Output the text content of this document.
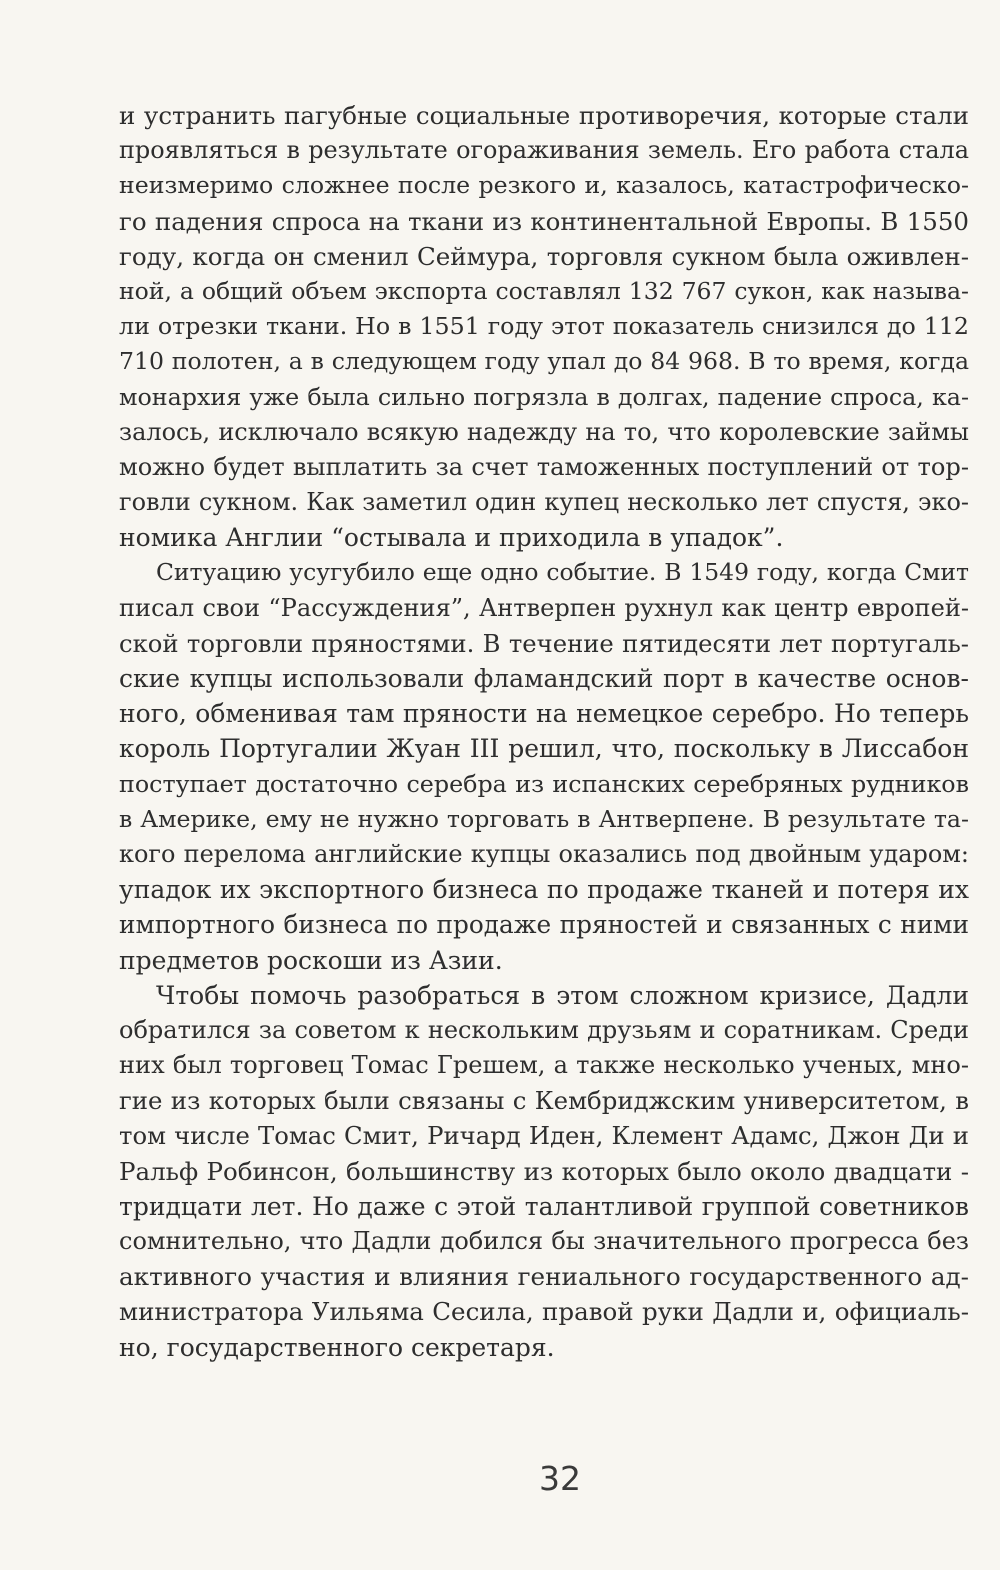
и устранить пагубные социальные противоречия, которые стали
проявляться в результате огораживания земель. Его работа стала
неизмеримо сложнее после резкого и, казалось, катастрофическо-
го падения спроса на ткани из континентальной Европы. В 1550
году, когда он сменил Сеймура, торговля сукном была оживлен-
ной, а общий объем экспорта составлял 132 767 сукон, как называ-
ли отрезки ткани. Но в 1551 году этот показатель снизился до 112
710 полотен, а в следующем году упал до 84 968. В то время, когда
монархия уже была сильно погрязла в долгах, падение спроса, ка-
залось, исключало всякую надежду на то, что королевские займы
можно будет выплатить за счет таможенных поступлений от тор-
говли сукном. Как заметил один купец несколько лет спустя, эко-
номика Англии “остывала и приходила в упадок”.
Ситуацию усугубило еще одно событие. В 1549 году, когда Смит
писал свои “Рассуждения”, Антверпен рухнул как центр европей-
ской торговли пряностями. В течение пятидесяти лет португаль-
ские купцы использовали фламандский порт в качестве основ-
ного, обменивая там пряности на немецкое серебро. Но теперь
король Португалии Жуан III решил, что, поскольку в Лиссабон
поступает достаточно серебра из испанских серебряных рудников
в Америке, ему не нужно торговать в Антверпене. В результате та-
кого перелома английские купцы оказались под двойным ударом:
упадок их экспортного бизнеса по продаже тканей и потеря их
импортного бизнеса по продаже пряностей и связанных с ними
предметов роскоши из Азии.
Чтобы помочь разобраться в этом сложном кризисе, Дадли
обратился за советом к нескольким друзьям и соратникам. Среди
них был торговец Томас Грешем, а также несколько ученых, мно-
гие из которых были связаны с Кембриджским университетом, в
том числе Томас Смит, Ричард Иден, Клемент Адамс, Джон Ди и
Ральф Робинсон, большинству из которых было около двадцати -
тридцати лет. Но даже с этой талантливой группой советников
сомнительно, что Дадли добился бы значительного прогресса без
активного участия и влияния гениального государственного ад-
министратора Уильяма Сесила, правой руки Дадли и, официаль-
но, государственного секретаря.
32
